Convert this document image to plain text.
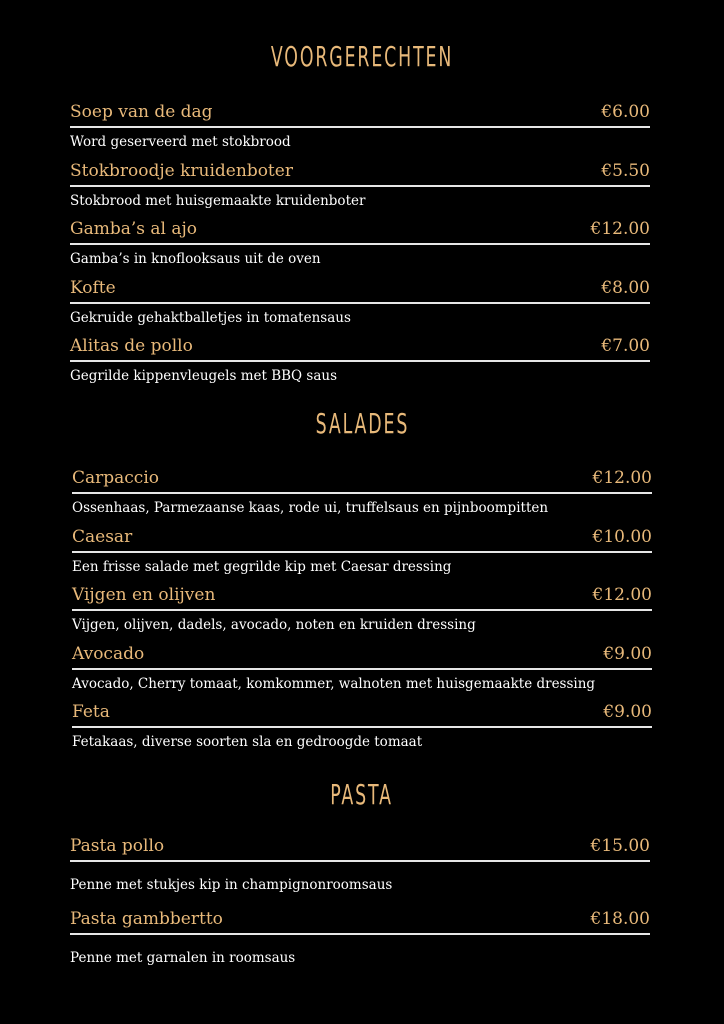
VOORGERECHTEN
Soep van de dag	€6.00
Word geserveerd met stokbrood
Stokbroodje kruidenboter	€5.50
Stokbrood met huisgemaakte kruidenboter
Gamba’s al ajo	€12.00
Gamba’s in knoflooksaus uit de oven
Kofte	€8.00
Gekruide gehaktballetjes in tomatensaus
Alitas de pollo	€7.00
Gegrilde kippenvleugels met BBQ saus
SALADES
Carpaccio	€12.00
Ossenhaas, Parmezaanse kaas, rode ui, truffelsaus en pijnboompitten
Caesar	€10.00
Een frisse salade met gegrilde kip met Caesar dressing
Vijgen en olijven	€12.00
Vijgen, olijven, dadels, avocado, noten en kruiden dressing
Avocado	€9.00
Avocado, Cherry tomaat, komkommer, walnoten met huisgemaakte dressing
Feta	€9.00
Fetakaas, diverse soorten sla en gedroogde tomaat
PASTA
Pasta pollo	€15.00
Penne met stukjes kip in champignonroomsaus
Pasta gambbertto	€18.00
Penne met garnalen in roomsaus
